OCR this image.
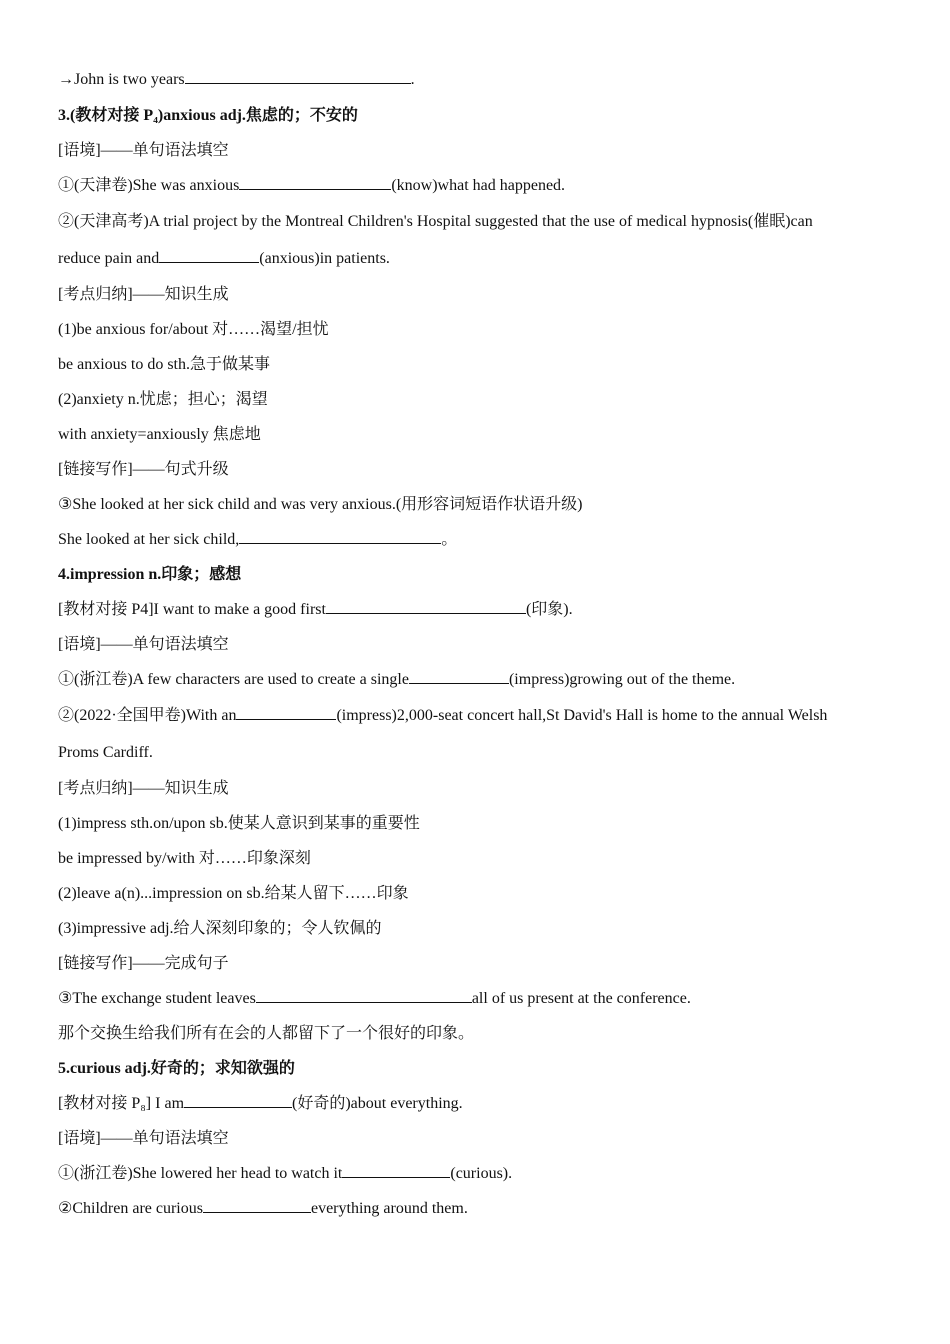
→John is two years	.

3.(教材对接 P₄)anxious adj.焦虑的；不安的

[语境]——单句语法填空

①(天津卷)She was anxious	(know)what had happened.

②(天津高考)A trial project by the Montreal Children's Hospital suggested that the use of medical hypnosis(催眠)can

reduce pain and	(anxious)in patients.

[考点归纳]——知识生成

(1)be anxious for/about 对……渴望/担忧

be anxious to do sth.急于做某事

(2)anxiety n.忧虑；担心；渴望

with anxiety=anxiously 焦虑地

[链接写作]——句式升级

③She looked at her sick child and was very anxious.(用形容词短语作状语升级)

She looked at her sick child,	。

4.impression n.印象；感想

[教材对接 P4]I want to make a good first	(印象).

[语境]——单句语法填空

①(浙江卷)A few characters are used to create a single	(impress)growing out of the theme.

②(2022·全国甲卷)With an	(impress)2,000-seat concert hall,St David's Hall is home to the annual Welsh

Proms Cardiff.

[考点归纳]——知识生成

(1)impress sth.on/upon sb.使某人意识到某事的重要性

be impressed by/with 对……印象深刻

(2)leave a(n)...impression on sb.给某人留下……印象

(3)impressive adj.给人深刻印象的；令人钦佩的

[链接写作]——完成句子

③The exchange student leaves	all of us present at the conference.

那个交换生给我们所有在会的人都留下了一个很好的印象。

5.curious adj.好奇的；求知欲强的

[教材对接 P₈] I am	(好奇的)about everything.

[语境]——单句语法填空

①(浙江卷)She lowered her head to watch it	(curious).

②Children are curious	everything around them.
